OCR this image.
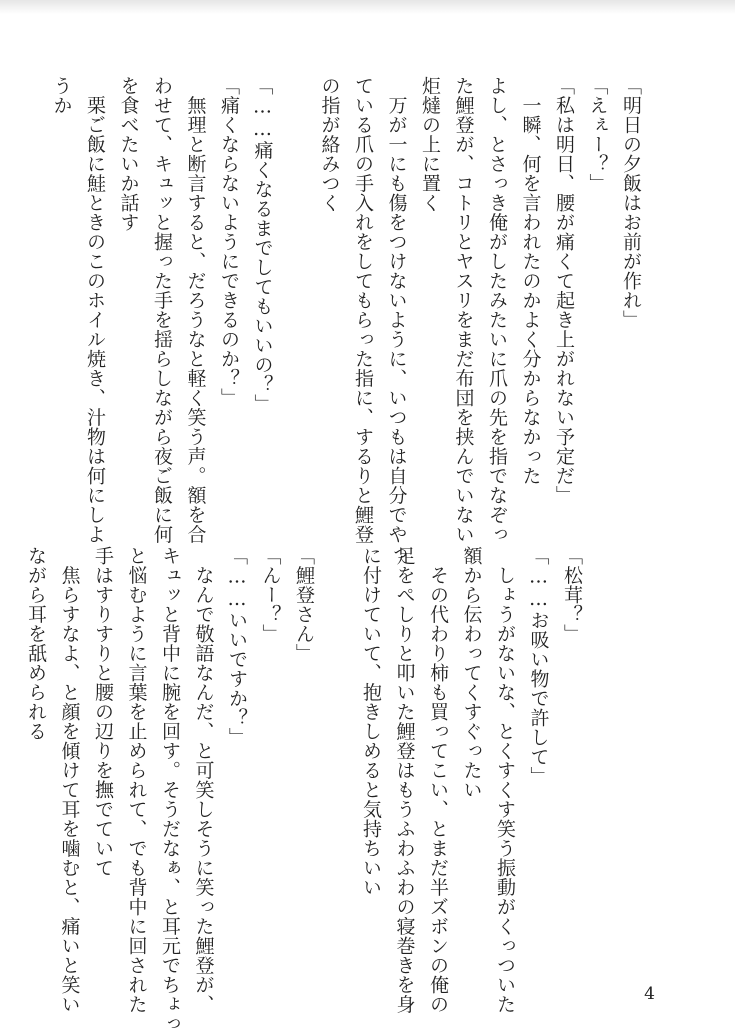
「明日の夕飯はお前が作れ」
「えぇー？」
「私は明日、腰が痛くて起き上がれない予定だ」
　一瞬、何を言われたのかよく分からなかった
よし、とさっき俺がしたみたいに爪の先を指でなぞっ
た鯉登が、コトリとヤスリをまだ布団を挟んでいない
炬燵の上に置く
　万が一にも傷をつけないように、いつもは自分でやっ
ている爪の手入れをしてもらった指に、するりと鯉登
の指が絡みつく

「……痛くなるまでしてもいいの？」
「痛くならないようにできるのか？」
　無理と断言すると、だろうなと軽く笑う声。額を合
わせて、キュッと握った手を揺らしながら夜ご飯に何
を食べたいか話す
　栗ご飯に鮭ときのこのホイル焼き、汁物は何にしよ
うか
「松茸？」
「……お吸い物で許して」
　しょうがないな、とくすくす笑う振動がくっついた
額から伝わってくすぐったい
　その代わり柿も買ってこい、とまだ半ズボンの俺の
足をぺしりと叩いた鯉登はもうふわふわの寝巻きを身
に付けていて、抱きしめると気持ちいい

「鯉登さん」
「んー？」
「……いいですか？」
　なんで敬語なんだ、と可笑しそうに笑った鯉登が、
キュッと背中に腕を回す。そうだなぁ、と耳元でちょっ
と悩むように言葉を止められて、でも背中に回された
手はすりすりと腰の辺りを撫でていて
　焦らすなよ、と顔を傾けて耳を噛むと、痛いと笑い
ながら耳を舐められる
4
